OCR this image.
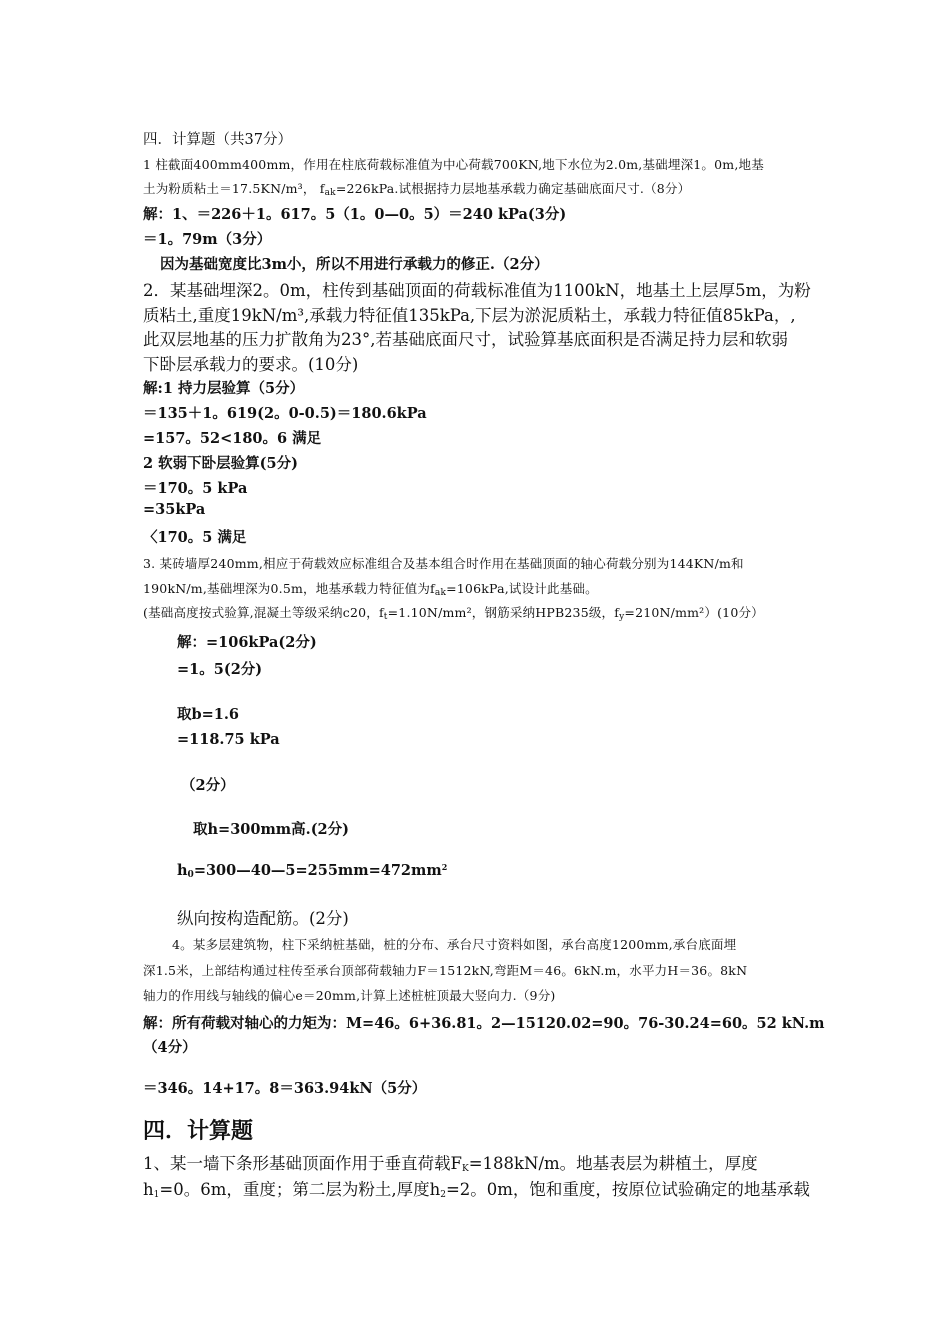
四．计算题（共37分）
1 柱截面400mm400mm，作用在柱底荷载标准值为中心荷载700KN,地下水位为2.0m,基础埋深1。0m,地基
土为粉质粘土＝17.5KN/m³， $f_{ak}=226kPa$.试根据持力层地基承载力确定基础底面尺寸.（8分）
解：1、＝226＋1。617。5（1。0—0。5）＝240 kPa(3分)
＝1。79m（3分）
因为基础宽度比3m小，所以不用进行承载力的修正.（2分）
2．某基础埋深2。0m，柱传到基础顶面的荷载标准值为1100kN，地基土上层厚5m，为粉
质粘土,重度19kN/m³,承载力特征值135kPa,下层为淤泥质粘土，承载力特征值85kPa，,
此双层地基的压力扩散角为23°,若基础底面尺寸，试验算基底面积是否满足持力层和软弱
下卧层承载力的要求。(10分)
解:1 持力层验算（5分）
＝135＋1。619(2。0-0.5)＝180.6kPa
=157。52<180。6 满足
2 软弱下卧层验算(5分)
＝170。5 kPa
=35kPa
〈170。5 满足
3. 某砖墙厚240mm,相应于荷载效应标准组合及基本组合时作用在基础顶面的轴心荷载分别为144KN/m和
190kN/m,基础埋深为0.5m，地基承载力特征值为$f_{ak}=106kPa$,试设计此基础。
(基础高度按式验算,混凝土等级采纳c20，$f_t=1.10N$/mm²，钢筋采纳HPB235级，$f_y=210N/mm^2)(10$分）
解：=106kPa(2分)
=1。5(2分)
取b=1.6
=118.75 kPa
（2分）
取h=300mm高.(2分)
$h_0=300—40—5=255mm=472mm^2$
纵向按构造配筋。(2分)
4。某多层建筑物，柱下采纳桩基础，桩的分布、承台尺寸资料如图，承台高度1200mm,承台底面埋
深1.5米，上部结构通过柱传至承台顶部荷载轴力F＝1512kN,弯距M＝46。6kN.m，水平力H＝36。8kN
轴力的作用线与轴线的偏心e＝20mm,计算上述桩桩顶最大竖向力.（9分)
解：所有荷载对轴心的力矩为：M=46。6+36.81。2—15120.02=90。76-30.24=60。52 kN.m
（4分）
＝346。14+17。8＝363.94kN（5分）
四．计算题
1、某一墙下条形基础顶面作用于垂直荷载$F_K=188kN/m$。地基表层为耕植土，厚度
$h_1=0$。6m，重度；第二层为粉土,厚度$h_2=2$。0m，饱和重度，按原位试验确定的地基承载
